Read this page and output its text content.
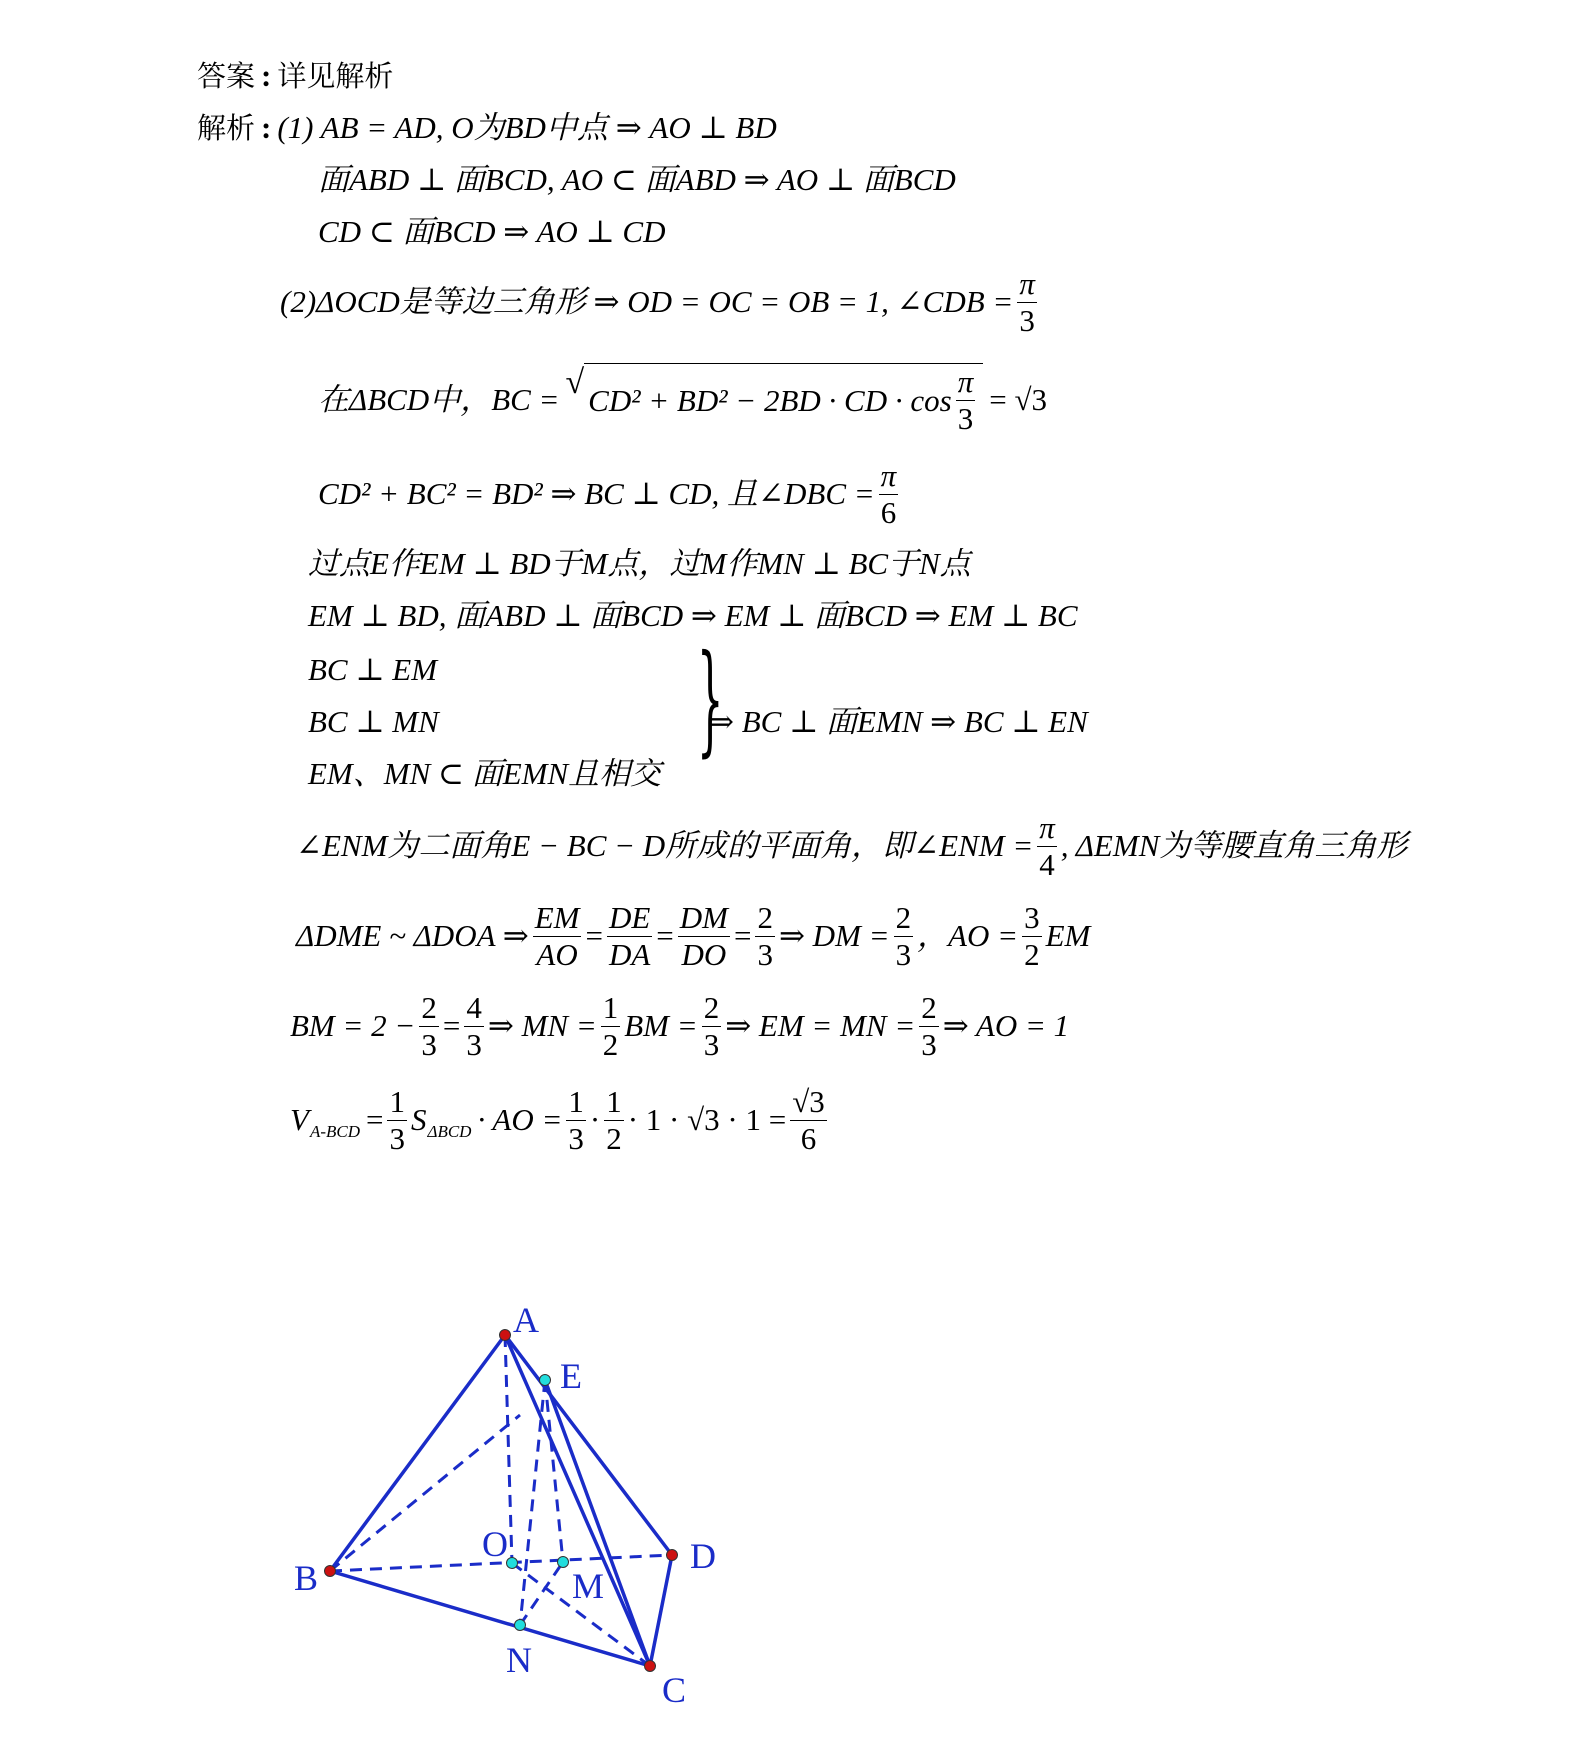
答案 : 详见解析
解析 : (1) AB = AD, O为BD中点 ⇒ AO ⊥ BD
面ABD ⊥ 面BCD, AO ⊂ 面ABD ⇒ AO ⊥ 面BCD
CD ⊂ 面BCD ⇒ AO ⊥ CD
(2)ΔOCD是等边三角形 ⇒ OD = OC = OB = 1, ∠CDB = $\frac{\pi}{3}$
在ΔBCD中，BC = √ CD² + BD² − 2BD · CD · $\cos \frac{\pi}{3} = √3$
CD² + BC² = BD² ⇒ BC ⊥ CD, 且∠DBC = $\frac{\pi}{6}$
过点E作EM ⊥ BD于M点，过M作MN ⊥ BC于N点
EM ⊥ BD, 面ABD ⊥ 面BCD ⇒ EM ⊥ 面BCD ⇒ EM ⊥ BC
BC ⊥ EM
BC ⊥ MN
EM、MN ⊂ 面EMN且相交
}
⇒ BC ⊥ 面EMN ⇒ BC ⊥ EN
∠ENM为二面角E − BC − D所成的平面角，即∠ENM = $\frac{\pi}{4}$ , ΔEMN为等腰直角三角形
ΔDME ~ ΔDOA ⇒ $\frac{EM}{AO} = \frac{DE}{DA} = \frac{DM}{DO} = \frac{2}{3}$ ⇒ DM = $\frac{2}{3}$ ，AO = $\frac{3}{2}$ EM
BM = $2 - \frac{2}{3} = \frac{4}{3}$ ⇒ MN = $\frac{1}{2}$ BM = $\frac{2}{3}$ ⇒ EM = MN = $\frac{2}{3}$ ⇒ AO = 1
V $A-BCD = \frac{1}{3}$ S ΔBCD · AO = $\frac{1}{3} \cdot \frac{1}{2} \cdot 1 \cdot √3 \cdot 1 = \frac{√3}{6}$
A
E
B
O
M
D
N
C
